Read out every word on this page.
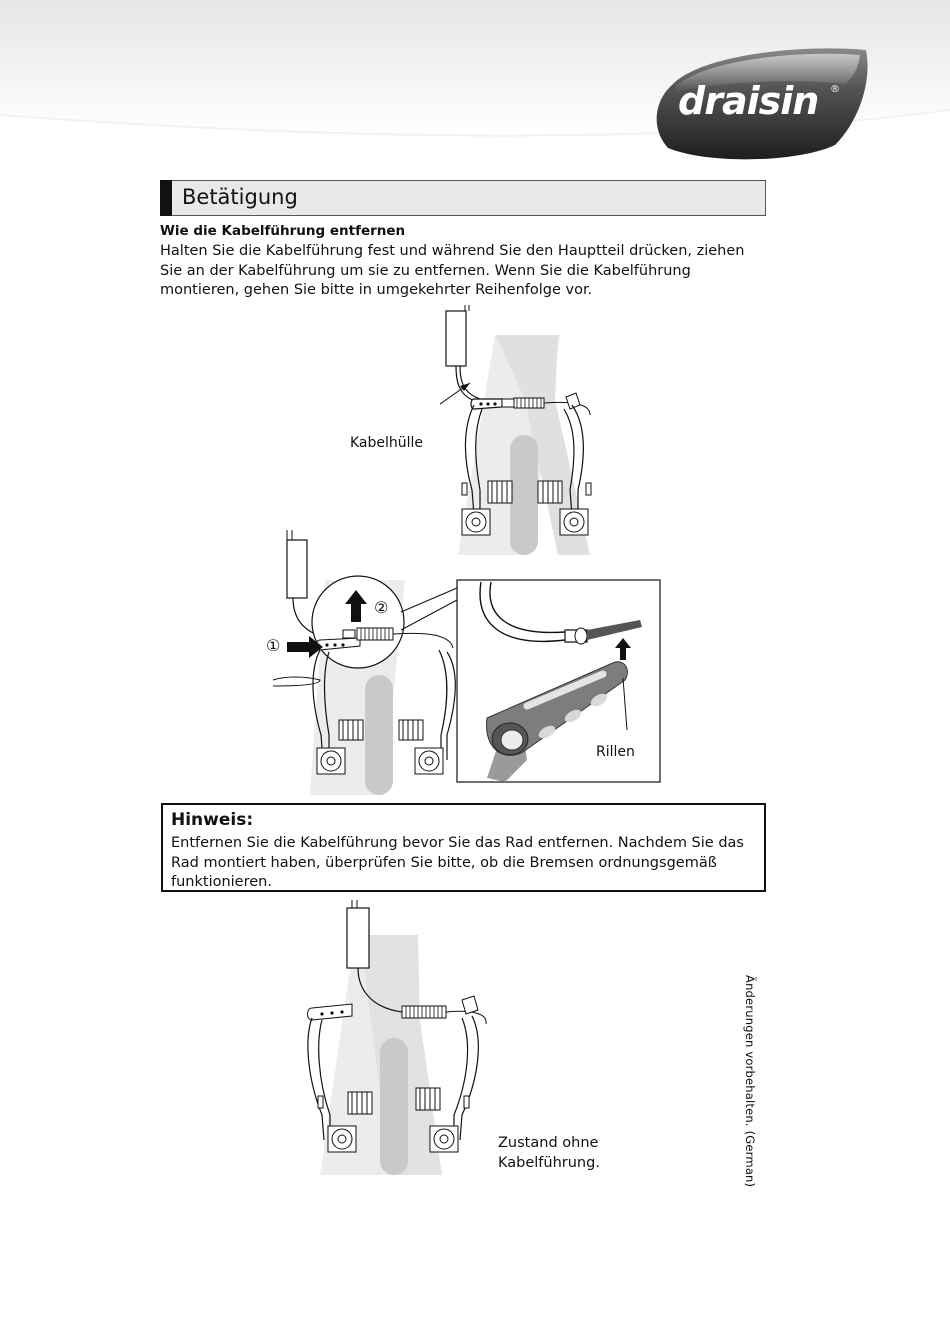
draisin ®
Betätigung
Wie die Kabelführung entfernen
Halten Sie die Kabelführung fest und während Sie den Hauptteil drücken, ziehen Sie an der Kabelführung um sie zu entfernen. Wenn Sie die Kabelführung montieren, gehen Sie bitte in umgekehrter Reihenfolge vor.
Kabelhülle
①
②
Rillen
Hinweis:
Entfernen Sie die Kabelführung bevor Sie das Rad entfernen. Nachdem Sie das Rad montiert haben, überprüfen Sie bitte, ob die Bremsen ordnungsgemäß funktionieren.
Zustand ohne
Kabelführung.	Änderungen vorbehalten. (German)
